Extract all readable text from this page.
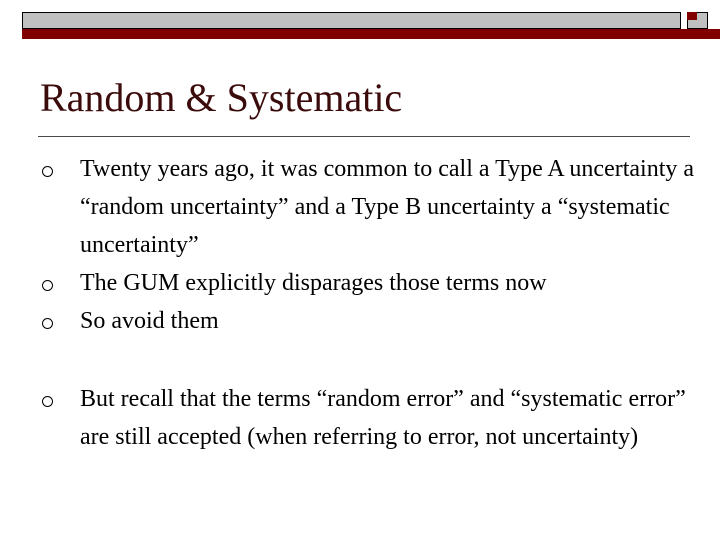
Random & Systematic
Twenty years ago, it was common to call a Type A uncertainty a “random uncertainty” and a Type B uncertainty a “systematic uncertainty”
The GUM explicitly disparages those terms now
So avoid them
But recall that the terms “random error” and “systematic error” are still accepted (when referring to error, not uncertainty)
